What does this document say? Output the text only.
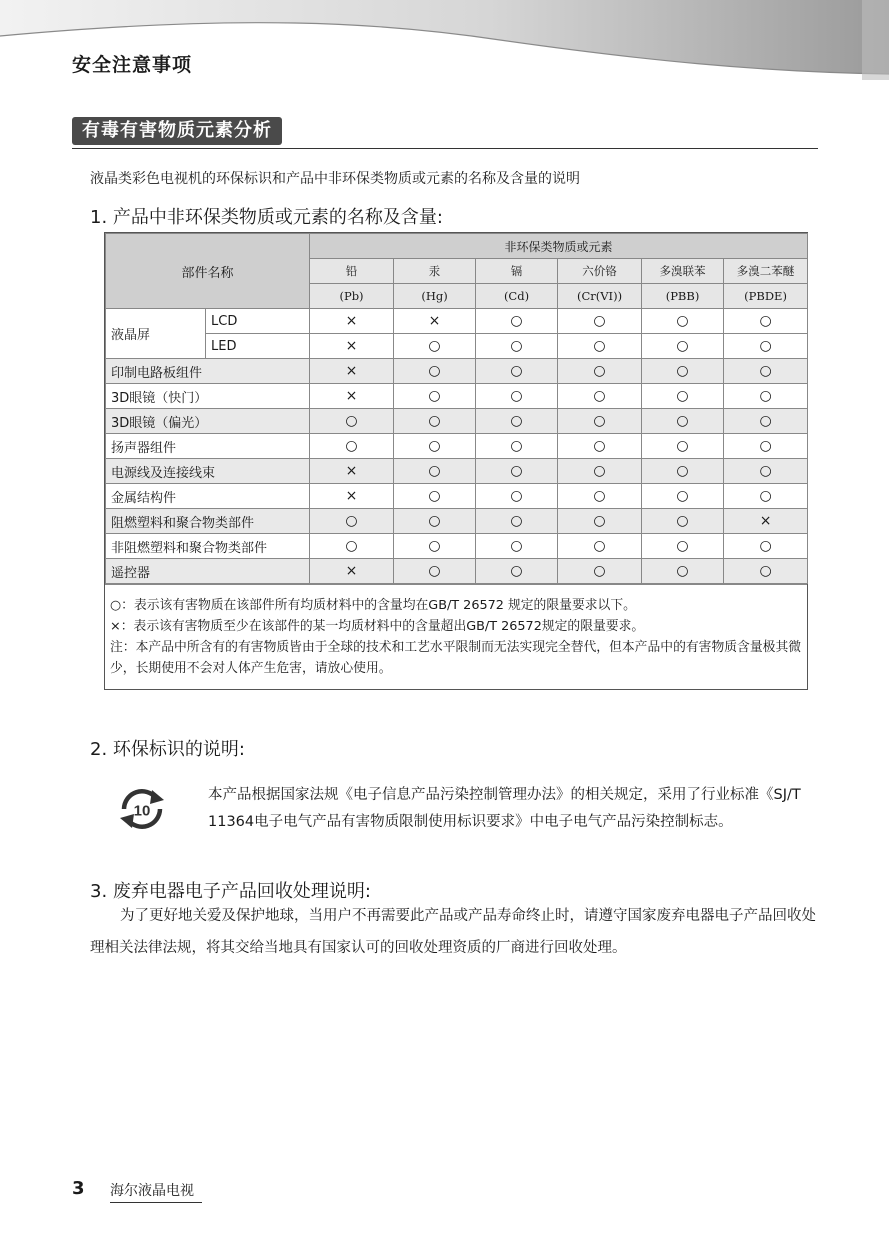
安全注意事项
有毒有害物质元素分析
液晶类彩色电视机的环保标识和产品中非环保类物质或元素的名称及含量的说明
1. 产品中非环保类物质或元素的名称及含量:
部件名称		非环保类物质或元素					
		铅	汞	镉	六价铬	多溴联苯	多溴二苯醚
		(Pb)	(Hg)	(Cd)	(Cr(VI))	(PBB)	(PBDE)
液晶屏	LCD	×	×	○	○	○	○
	LED	×	○	○	○	○	○
印制电路板组件		×	○	○	○	○	○
3D眼镜（快门）		×	○	○	○	○	○
3D眼镜（偏光）		○	○	○	○	○	○
扬声器组件		○	○	○	○	○	○
电源线及连接线束		×	○	○	○	○	○
金属结构件		×	○	○	○	○	○
阻燃塑料和聚合物类部件		○	○	○	○	○	×
非阻燃塑料和聚合物类部件		○	○	○	○	○	○
遥控器		×	○	○	○	○	○
○：表示该有害物质在该部件所有均质材料中的含量均在GB/T 26572 规定的限量要求以下。
×：表示该有害物质至少在该部件的某一均质材料中的含量超出GB/T 26572规定的限量要求。
注：本产品中所含有的有害物质皆由于全球的技术和工艺水平限制而无法实现完全替代，但本产品中的有害物质含量极其微少，长期使用不会对人体产生危害，请放心使用。
2. 环保标识的说明:
10
本产品根据国家法规《电子信息产品污染控制管理办法》的相关规定，采用了行业标准《SJ/T 11364电子电气产品有害物质限制使用标识要求》中电子电气产品污染控制标志。
3. 废弃电器电子产品回收处理说明:
为了更好地关爱及保护地球，当用户不再需要此产品或产品寿命终止时，请遵守国家废弃电器电子产品回收处理相关法律法规，将其交给当地具有国家认可的回收处理资质的厂商进行回收处理。
3 海尔液晶电视
